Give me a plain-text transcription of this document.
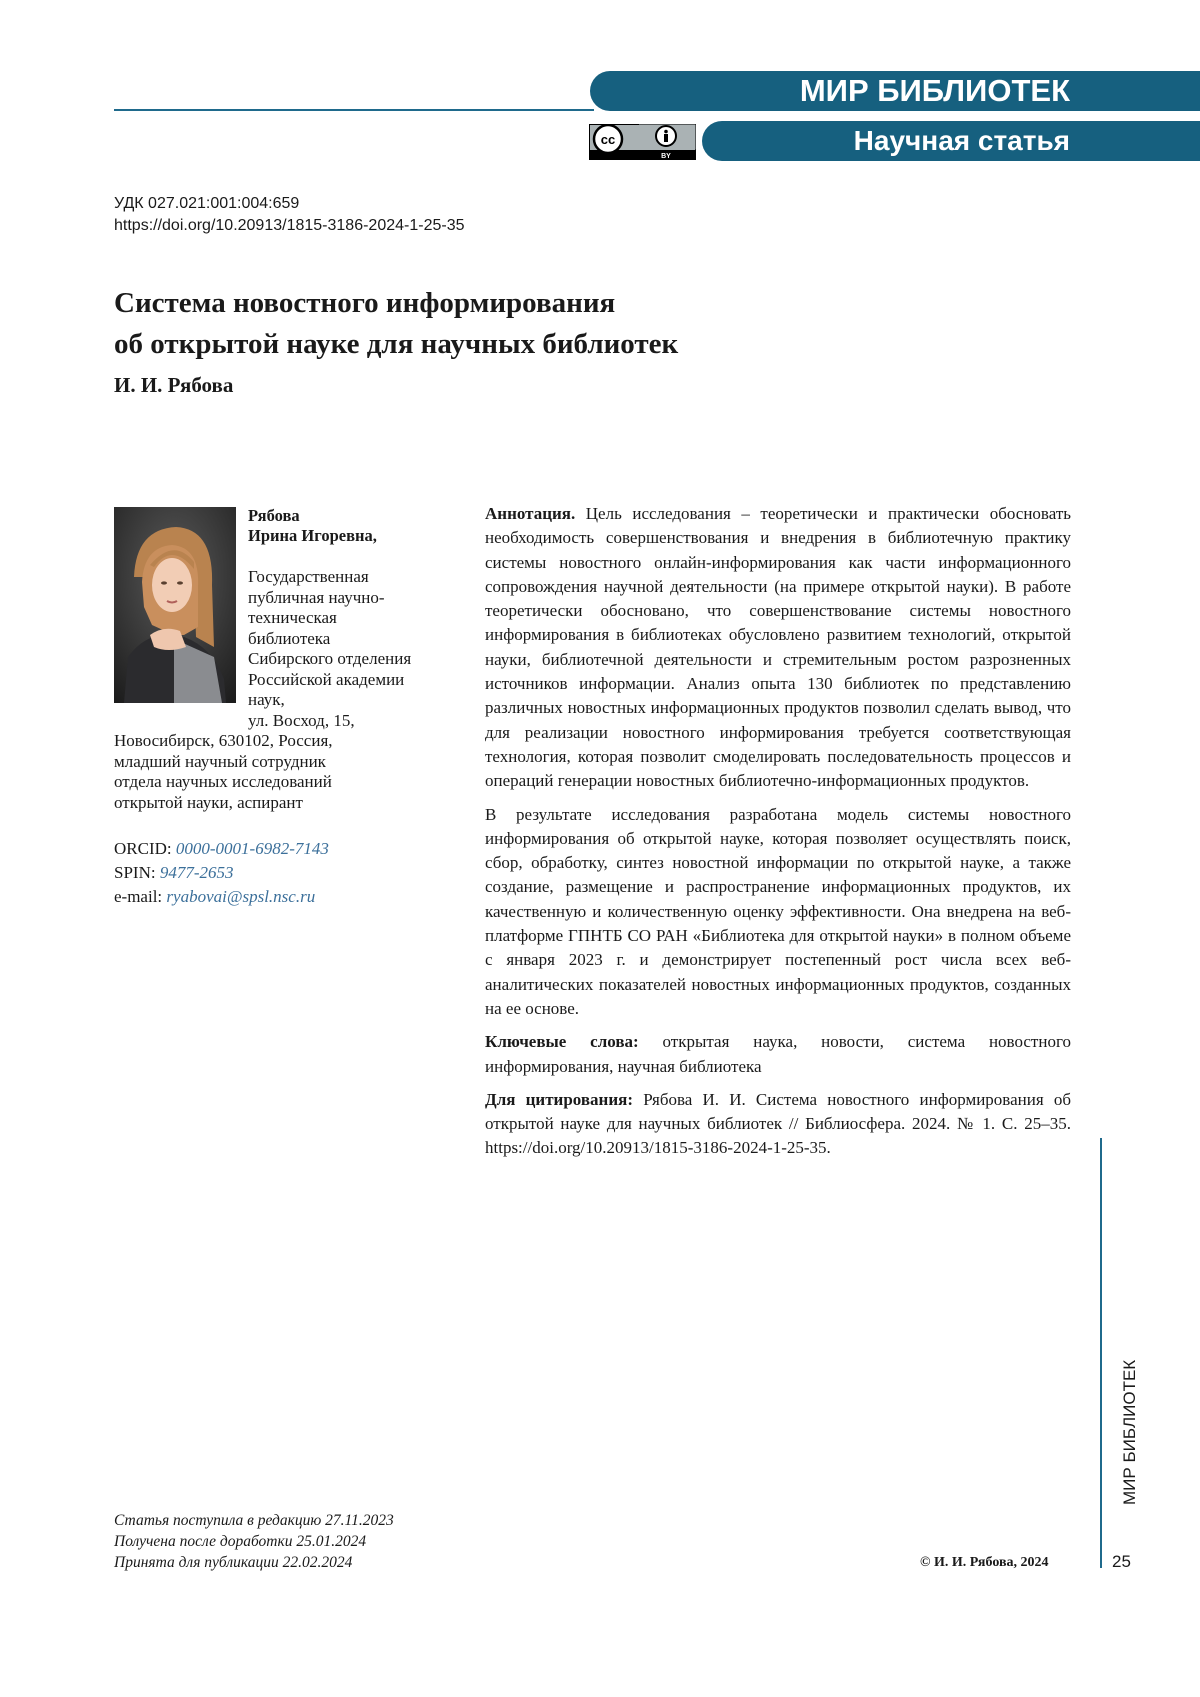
МИР БИБЛИОТЕК
Научная статья
cc
BY
УДК 027.021:001:004:659
https://doi.org/10.20913/1815-3186-2024-1-25-35
Система новостного информирования
об открытой науке для научных библиотек
И. И. Рябова
Рябова
Ирина Игоревна,
Государственная
публичная научно-
техническая
библиотека
Сибирского отделения
Российской академии
наук,
ул. Восход, 15,
Новосибирск, 630102, Россия,
младший научный сотрудник
отдела научных исследований
открытой науки, аспирант
ORCID: 0000-0001-6982-7143
SPIN: 9477-2653
e-mail: ryabovai@spsl.nsc.ru

Аннотация. Цель исследования – теоретически и практически обосновать необходимость совершенствования и внедрения в библиотечную практику системы новостного онлайн-информирования как части информационного сопровождения научной деятельности (на примере открытой науки). В работе теоретически обосновано, что совершенствование системы новостного информирования в библиотеках обусловлено развитием технологий, открытой науки, библиотечной деятельности и стремительным ростом разрозненных источников информации. Анализ опыта 130 библиотек по представлению различных новостных информационных продуктов позволил сделать вывод, что для реализации новостного информирования требуется соответствующая технология, которая позволит смоделировать последовательность процессов и операций генерации новостных библиотечно-информационных продуктов.

В результате исследования разработана модель системы новостного информирования об открытой науке, которая позволяет осуществлять поиск, сбор, обработку, синтез новостной информации по открытой науке, а также создание, размещение и распространение информационных продуктов, их качественную и количественную оценку эффективности. Она внедрена на веб-платформе ГПНТБ СО РАН «Библиотека для открытой науки» в полном объеме с января 2023 г. и демонстрирует постепенный рост числа всех веб-аналитических показателей новостных информационных продуктов, созданных на ее основе.

Ключевые слова: открытая наука, новости, система новостного информирования, научная библиотека

Для цитирования: Рябова И. И. Система новостного информирования об открытой науке для научных библиотек // Библиосфера. 2024. № 1. С. 25–35. https://doi.org/10.20913/1815-3186-2024-1-25-35.

Статья поступила в редакцию 27.11.2023
Получена после доработки 25.01.2024
Принята для публикации 22.02.2024	© И. И. Рябова, 2024
МИР БИБЛИОТЕК
25
